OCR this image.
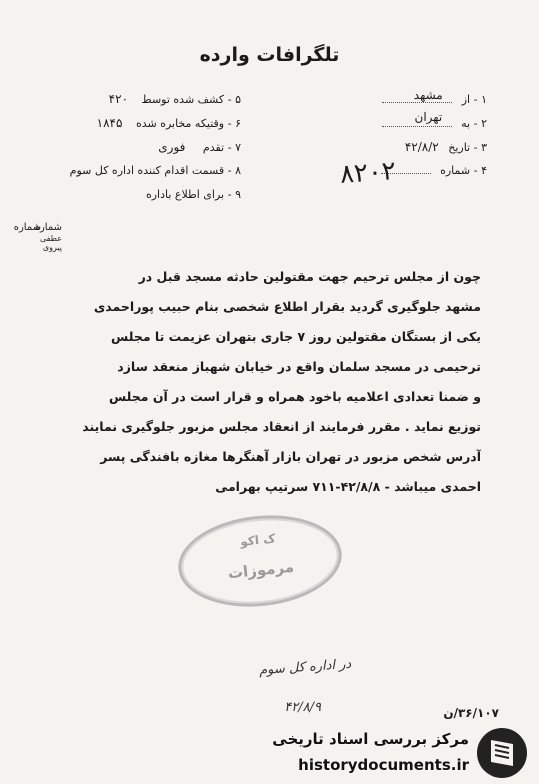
تلگرافات وارده
۱ - از  مشهد
۲ - به  تهران
۳ - تاریخ ۴۲/۸/۲
۴ - شماره
۸۲۰۲
۵ - کشف شده توسط ۴۲۰
۶ - وقتیکه مخابره شده ۱۸۴۵
۷ - تقدم فوری
۸ - قسمت اقدام کننده اداره کل سوم
۹ - برای اطلاع باداره
شماره
شماره عطفی
پیروی
چون از مجلس ترحیم جهت مقتولین حادثه مسجد قبل در
مشهد جلوگیری گردید بقرار اطلاع شخصی بنام حبیب پوراحمدی
یکی از بستگان مقتولین روز ۷ جاری بتهران عزیمت تا مجلس
ترحیمی در مسجد سلمان واقع در خیابان شهباز منعقد سازد
و ضمنا تعدادی اعلامیه باخود همراه و قرار است در آن مجلس
توزیع نماید . مقرر فرمایند از انعقاد مجلس مزبور جلوگیری نمایند
آدرس شخص مزبور در تهران بازار آهنگرها مغازه بافندگی پسر
احمدی میباشد - ۴۲/۸/۸-۷۱۱ سرتیپ بهرامی
ک اکو
مرموزات
در اداره کل سوم
۴۲/۸/۹	۳۶/۱۰۷/ن
مرکز بررسی اسناد تاریخی
historydocuments.ir
